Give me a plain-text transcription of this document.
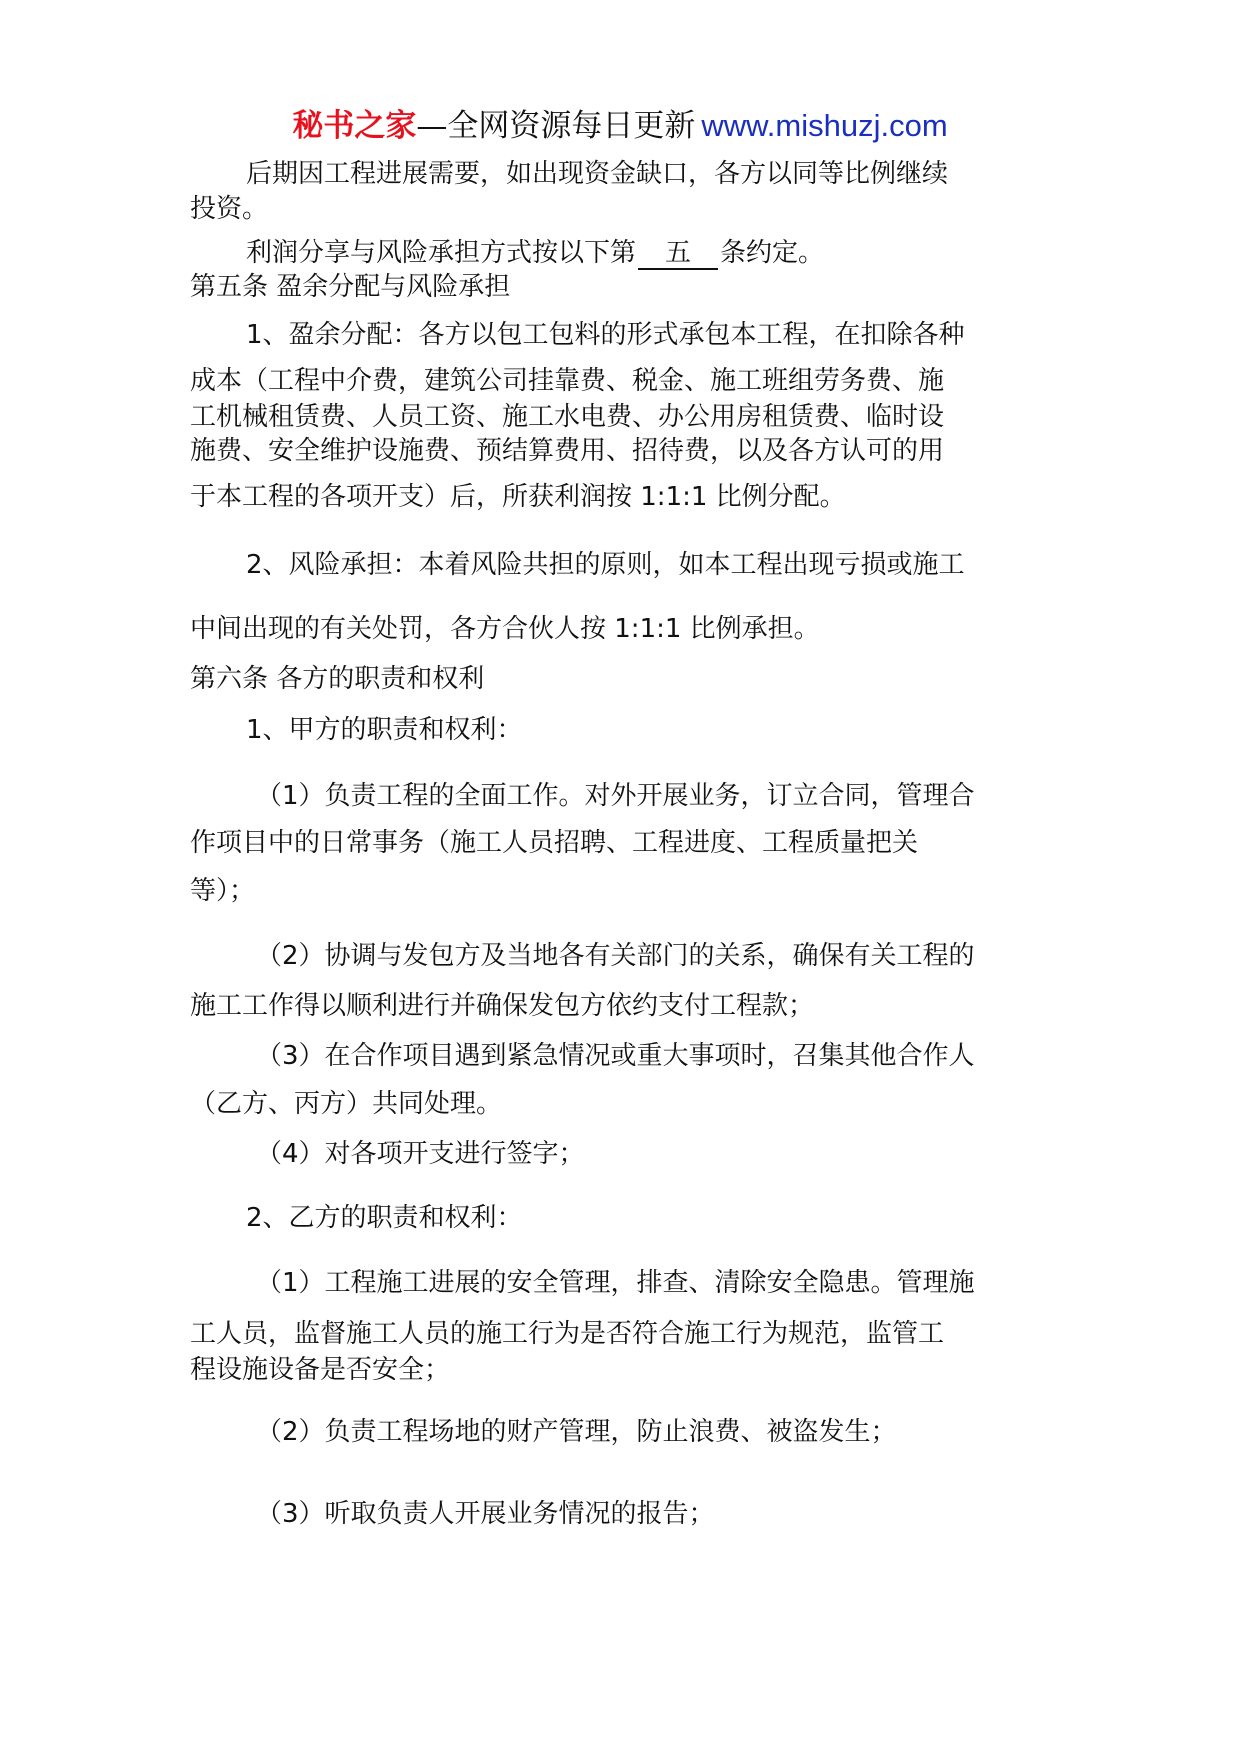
秘书之家—全网资源每日更新 www.mishuzj.com
后期因工程进展需要，如出现资金缺口，各方以同等比例继续
投资。
利润分享与风险承担方式按以下第 五 条约定。
第五条 盈余分配与风险承担
1、盈余分配：各方以包工包料的形式承包本工程，在扣除各种
成本（工程中介费，建筑公司挂靠费、税金、施工班组劳务费、施
工机械租赁费、人员工资、施工水电费、办公用房租赁费、临时设
施费、安全维护设施费、预结算费用、招待费，以及各方认可的用
于本工程的各项开支）后，所获利润按 1:1:1 比例分配。
2、风险承担：本着风险共担的原则，如本工程出现亏损或施工
中间出现的有关处罚，各方合伙人按 1:1:1 比例承担。
第六条 各方的职责和权利
1、甲方的职责和权利：
（1）负责工程的全面工作。对外开展业务，订立合同，管理合
作项目中的日常事务（施工人员招聘、工程进度、工程质量把关
等）；
（2）协调与发包方及当地各有关部门的关系，确保有关工程的
施工工作得以顺利进行并确保发包方依约支付工程款；
（3）在合作项目遇到紧急情况或重大事项时，召集其他合作人
（乙方、丙方）共同处理。
（4）对各项开支进行签字；
2、乙方的职责和权利：
（1）工程施工进展的安全管理，排查、清除安全隐患。管理施
工人员，监督施工人员的施工行为是否符合施工行为规范，监管工
程设施设备是否安全；
（2）负责工程场地的财产管理，防止浪费、被盗发生；
（3）听取负责人开展业务情况的报告；
